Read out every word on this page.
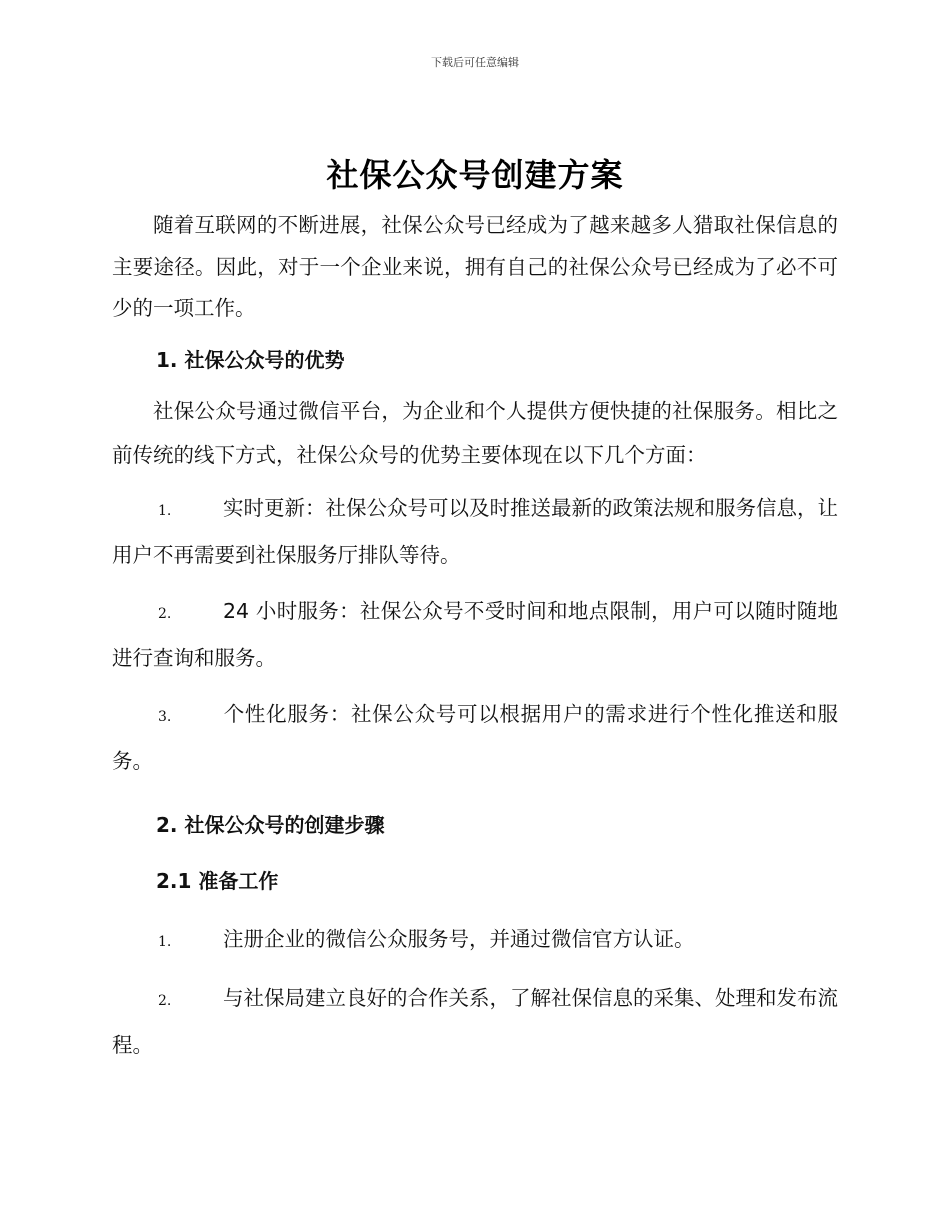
下载后可任意编辑
社保公众号创建方案

随着互联网的不断进展，社保公众号已经成为了越来越多人猎取社保信息的主要途径。因此，对于一个企业来说，拥有自己的社保公众号已经成为了必不可少的一项工作。

1. 社保公众号的优势

社保公众号通过微信平台，为企业和个人提供方便快捷的社保服务。相比之前传统的线下方式，社保公众号的优势主要体现在以下几个方面：

1.	实时更新：社保公众号可以及时推送最新的政策法规和服务信息，让用户不再需要到社保服务厅排队等待。

2.	24 小时服务：社保公众号不受时间和地点限制，用户可以随时随地进行查询和服务。

3.	个性化服务：社保公众号可以根据用户的需求进行个性化推送和服务。

2. 社保公众号的创建步骤

2.1 准备工作

1.	注册企业的微信公众服务号，并通过微信官方认证。

2.	与社保局建立良好的合作关系，了解社保信息的采集、处理和发布流程。
